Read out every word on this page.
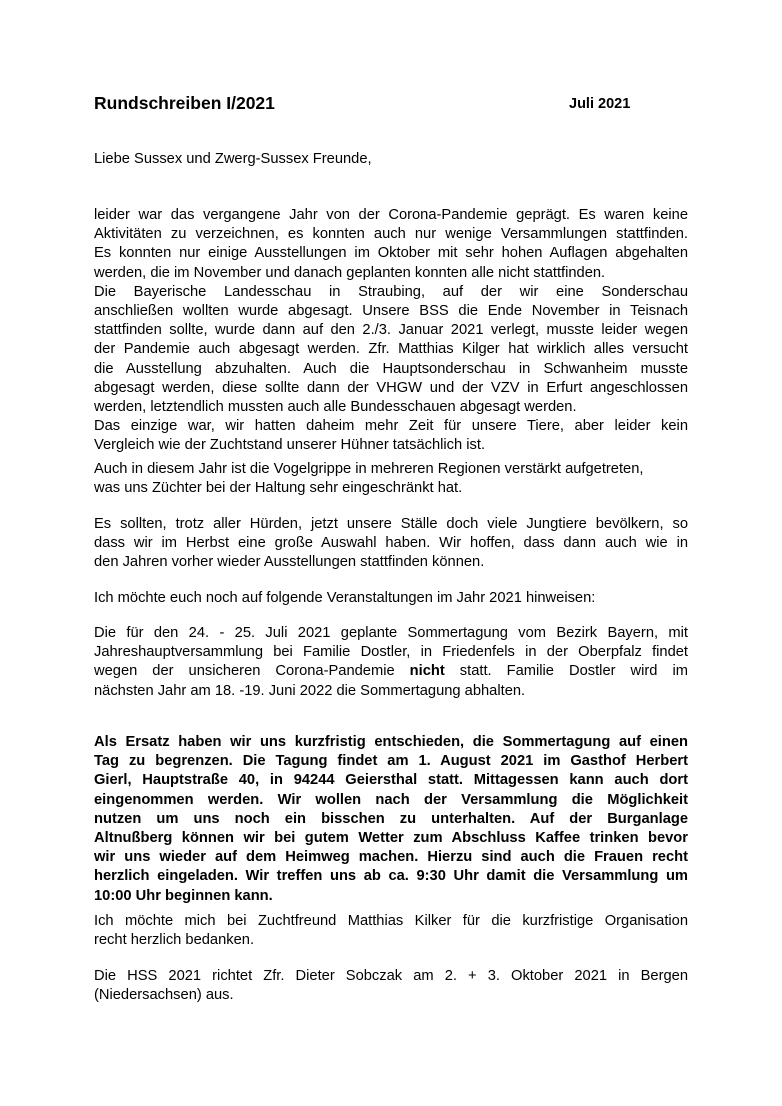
Rundschreiben I/2021	Juli 2021

Liebe Sussex und Zwerg-Sussex Freunde,

leider war das vergangene Jahr von der Corona-Pandemie geprägt. Es waren keine
Aktivitäten zu verzeichnen, es konnten auch nur wenige Versammlungen stattfinden.
Es konnten nur einige Ausstellungen im Oktober mit sehr hohen Auflagen abgehalten
werden, die im November und danach geplanten konnten alle nicht stattfinden.
Die Bayerische Landesschau in Straubing, auf der wir eine Sonderschau
anschließen wollten wurde abgesagt. Unsere BSS die Ende November in Teisnach
stattfinden sollte, wurde dann auf den 2./3. Januar 2021 verlegt, musste leider wegen
der Pandemie auch abgesagt werden. Zfr. Matthias Kilger hat wirklich alles versucht
die Ausstellung abzuhalten. Auch die Hauptsonderschau in Schwanheim musste
abgesagt werden, diese sollte dann der VHGW und der VZV in Erfurt angeschlossen
werden, letztendlich mussten auch alle Bundesschauen abgesagt werden.
Das einzige war, wir hatten daheim mehr Zeit für unsere Tiere, aber leider kein
Vergleich wie der Zuchtstand unserer Hühner tatsächlich ist.

Auch in diesem Jahr ist die Vogelgrippe in mehreren Regionen verstärkt aufgetreten,
was uns Züchter bei der Haltung sehr eingeschränkt hat.

Es sollten, trotz aller Hürden, jetzt unsere Ställe doch viele Jungtiere bevölkern, so
dass wir im Herbst eine große Auswahl haben. Wir hoffen, dass dann auch wie in
den Jahren vorher wieder Ausstellungen stattfinden können.

Ich möchte euch noch auf folgende Veranstaltungen im Jahr 2021 hinweisen:

Die für den 24. - 25. Juli 2021 geplante Sommertagung vom Bezirk Bayern, mit
Jahreshauptversammlung bei Familie Dostler, in Friedenfels in der Oberpfalz findet
wegen der unsicheren Corona-Pandemie nicht statt. Familie Dostler wird im
nächsten Jahr am 18. -19. Juni 2022 die Sommertagung abhalten.

Als Ersatz haben wir uns kurzfristig entschieden, die Sommertagung auf einen
Tag zu begrenzen. Die Tagung findet am 1. August 2021 im Gasthof Herbert
Gierl, Hauptstraße 40, in 94244 Geiersthal statt. Mittagessen kann auch dort
eingenommen werden. Wir wollen nach der Versammlung die Möglichkeit
nutzen um uns noch ein bisschen zu unterhalten. Auf der Burganlage
Altnußberg können wir bei gutem Wetter zum Abschluss Kaffee trinken bevor
wir uns wieder auf dem Heimweg machen. Hierzu sind auch die Frauen recht
herzlich eingeladen. Wir treffen uns ab ca. 9:30 Uhr damit die Versammlung um
10:00 Uhr beginnen kann.

Ich möchte mich bei Zuchtfreund Matthias Kilker für die kurzfristige Organisation
recht herzlich bedanken.

Die HSS 2021 richtet Zfr. Dieter Sobczak am 2. + 3. Oktober 2021 in Bergen
(Niedersachsen) aus.
